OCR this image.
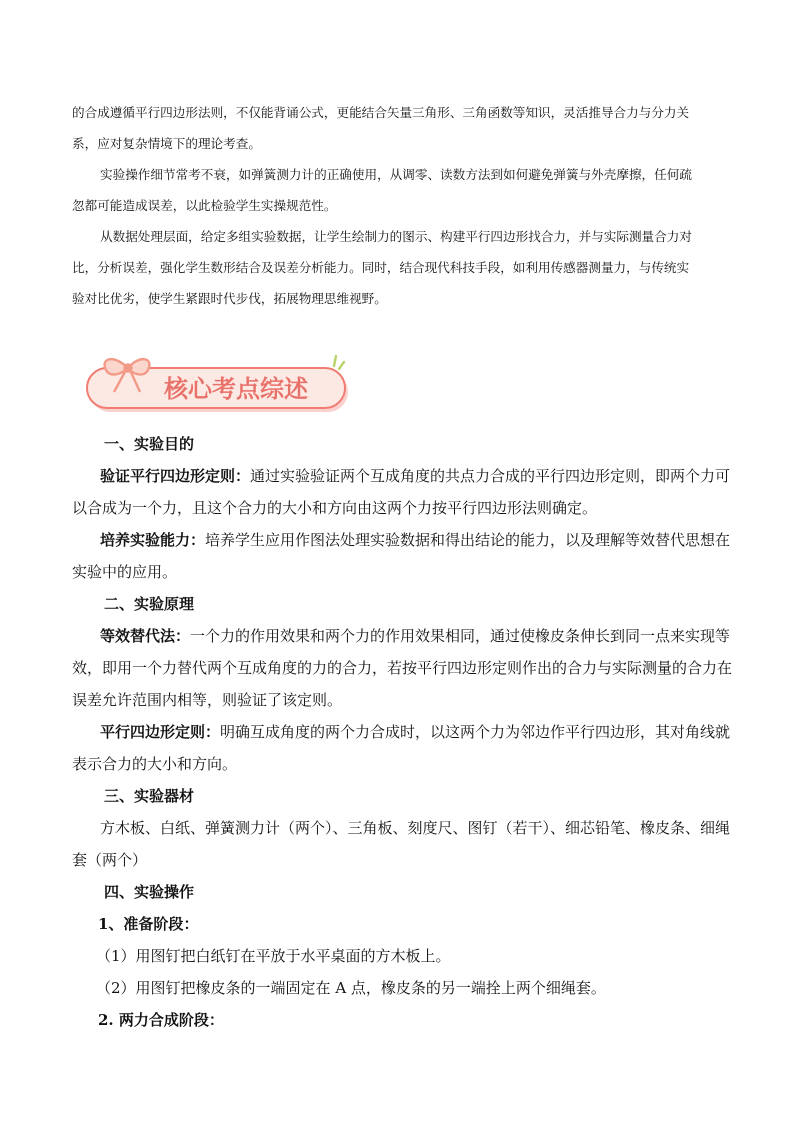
的合成遵循平行四边形法则，不仅能背诵公式，更能结合矢量三角形、三角函数等知识，灵活推导合力与分力关

系，应对复杂情境下的理论考查。

实验操作细节常考不衰，如弹簧测力计的正确使用，从调零、读数方法到如何避免弹簧与外壳摩擦，任何疏

忽都可能造成误差，以此检验学生实操规范性。

从数据处理层面，给定多组实验数据，让学生绘制力的图示、构建平行四边形找合力，并与实际测量合力对

比，分析误差，强化学生数形结合及误差分析能力。同时，结合现代科技手段，如利用传感器测量力，与传统实

验对比优劣，使学生紧跟时代步伐，拓展物理思维视野。

核心考点综述

一、实验目的

验证平行四边形定则：通过实验验证两个互成角度的共点力合成的平行四边形定则，即两个力可以合成为一个力，且这个合力的大小和方向由这两个力按平行四边形法则确定。

培养实验能力：培养学生应用作图法处理实验数据和得出结论的能力，以及理解等效替代思想在实验中的应用。

二、实验原理

等效替代法：一个力的作用效果和两个力的作用效果相同，通过使橡皮条伸长到同一点来实现等效，即用一个力替代两个互成角度的力的合力，若按平行四边形定则作出的合力与实际测量的合力在误差允许范围内相等，则验证了该定则。

平行四边形定则：明确互成角度的两个力合成时，以这两个力为邻边作平行四边形，其对角线就表示合力的大小和方向。

三、实验器材

方木板、白纸、弹簧测力计（两个）、三角板、刻度尺、图钉（若干）、细芯铅笔、橡皮条、细绳套（两个）

四、实验操作

1、准备阶段：

（1）用图钉把白纸钉在平放于水平桌面的方木板上。

（2）用图钉把橡皮条的一端固定在 A 点，橡皮条的另一端拴上两个细绳套。

2. 两力合成阶段：
